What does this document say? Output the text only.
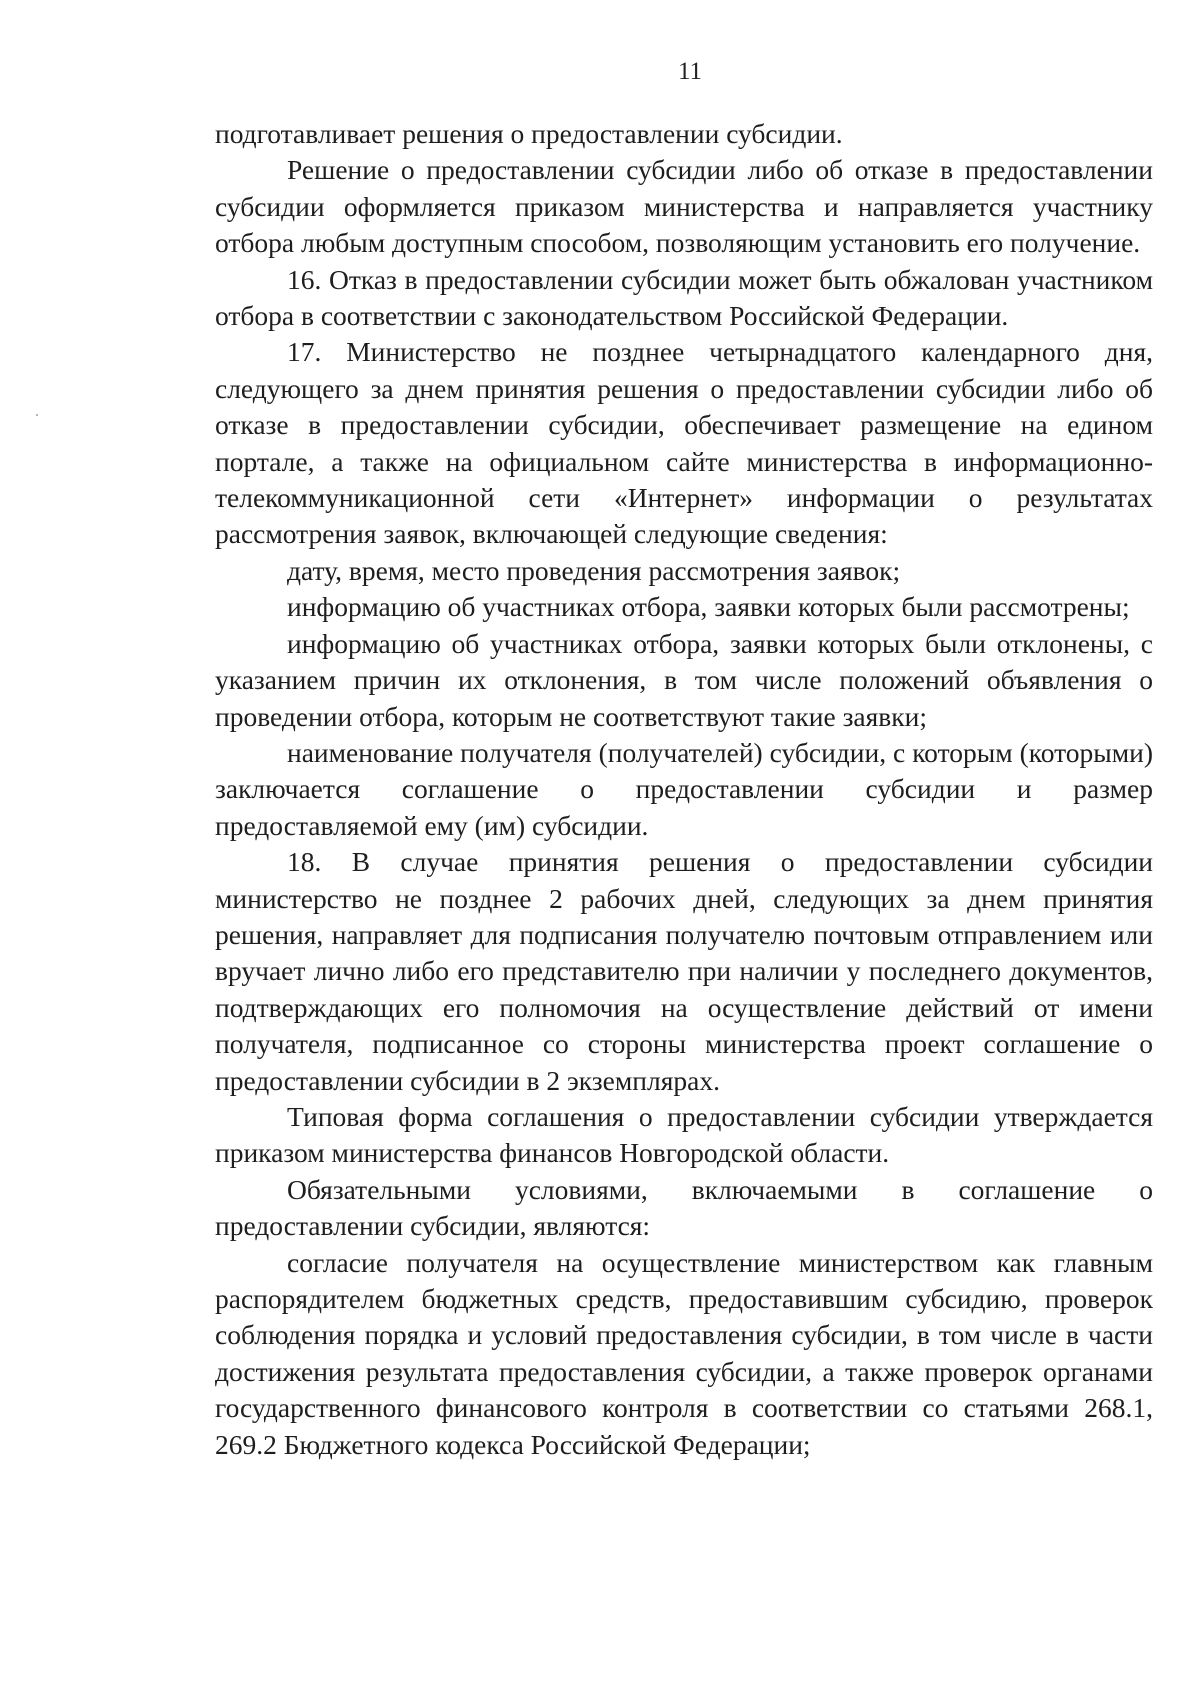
11

подготавливает решения о предоставлении субсидии.

Решение о предоставлении субсидии либо об отказе в предоставлении субсидии оформляется приказом министерства и направляется участнику отбора любым доступным способом, позволяющим установить его получение.

16. Отказ в предоставлении субсидии может быть обжалован участником отбора в соответствии с законодательством Российской Федерации.

17. Министерство не позднее четырнадцатого календарного дня, следующего за днем принятия решения о предоставлении субсидии либо об отказе в предоставлении субсидии, обеспечивает размещение на едином портале, а также на официальном сайте министерства в информационно-телекоммуникационной сети «Интернет» информации о результатах рассмотрения заявок, включающей следующие сведения:

дату, время, место проведения рассмотрения заявок;

информацию об участниках отбора, заявки которых были рассмотрены;

информацию об участниках отбора, заявки которых были отклонены, с указанием причин их отклонения, в том числе положений объявления о проведении отбора, которым не соответствуют такие заявки;

наименование получателя (получателей) субсидии, с которым (которыми) заключается соглашение о предоставлении субсидии и размер предоставляемой ему (им) субсидии.

18. В случае принятия решения о предоставлении субсидии министерство не позднее 2 рабочих дней, следующих за днем принятия решения, направляет для подписания получателю почтовым отправлением или вручает лично либо его представителю при наличии у последнего документов, подтверждающих его полномочия на осуществление действий от имени получателя, подписанное со стороны министерства проект соглашение о предоставлении субсидии в 2 экземплярах.

Типовая форма соглашения о предоставлении субсидии утверждается приказом министерства финансов Новгородской области.

Обязательными условиями, включаемыми в соглашение о предоставлении субсидии, являются:

согласие получателя на осуществление министерством как главным распорядителем бюджетных средств, предоставившим субсидию, проверок соблюдения порядка и условий предоставления субсидии, в том числе в части достижения результата предоставления субсидии, а также проверок органами государственного финансового контроля в соответствии со статьями 268.1, 269.2 Бюджетного кодекса Российской Федерации;
